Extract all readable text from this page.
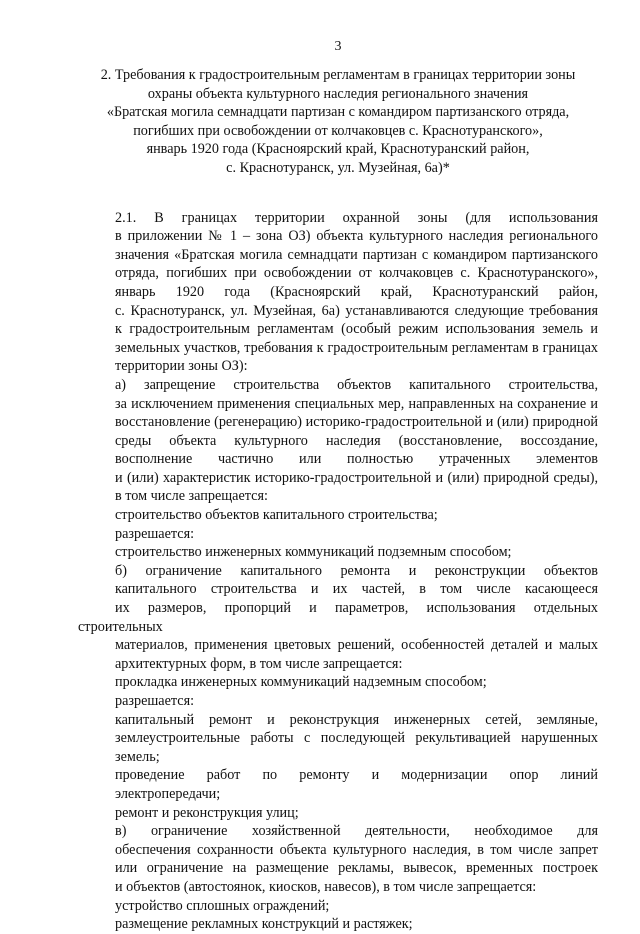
3
2. Требования к градостроительным регламентам в границах территории зоны
охраны объекта культурного наследия регионального значения
«Братская могила семнадцати партизан с командиром партизанского отряда,
погибших при освобождении от колчаковцев с. Краснотуранского»,
январь 1920 года (Красноярский край, Краснотуранский район,
с. Краснотуранск, ул. Музейная, 6а)*

2.1. В границах территории охранной зоны (для использования
в приложении № 1 – зона ОЗ) объекта культурного наследия регионального
значения «Братская могила семнадцати партизан с командиром партизанского
отряда, погибших при освобождении от колчаковцев с. Краснотуранского»,
январь 1920 года (Красноярский край, Краснотуранский район,
с. Краснотуранск, ул. Музейная, 6а) устанавливаются следующие требования
к градостроительным регламентам (особый режим использования земель и
земельных участков, требования к градостроительным регламентам в границах
территории зоны ОЗ):

а) запрещение строительства объектов капитального строительства,
за исключением применения специальных мер, направленных на сохранение и
восстановление (регенерацию) историко-градостроительной и (или) природной
среды объекта культурного наследия (восстановление, воссоздание,
восполнение частично или полностью утраченных элементов
и (или) характеристик историко-градостроительной и (или) природной среды),
в том числе запрещается:

строительство объектов капитального строительства;

разрешается:

строительство инженерных коммуникаций подземным способом;

б) ограничение капитального ремонта и реконструкции объектов
капитального строительства и их частей, в том числе касающееся
их размеров, пропорций и параметров, использования отдельных строительных
материалов, применения цветовых решений, особенностей деталей и малых
архитектурных форм, в том числе запрещается:

прокладка инженерных коммуникаций надземным способом;

разрешается:

капитальный ремонт и реконструкция инженерных сетей, земляные,
землеустроительные работы с последующей рекультивацией нарушенных
земель;

проведение работ по ремонту и модернизации опор линий
электропередачи;

ремонт и реконструкция улиц;

в) ограничение хозяйственной деятельности, необходимое для
обеспечения сохранности объекта культурного наследия, в том числе запрет
или ограничение на размещение рекламы, вывесок, временных построек
и объектов (автостоянок, киосков, навесов), в том числе запрещается:

устройство сплошных ограждений;

размещение рекламных конструкций и растяжек;
